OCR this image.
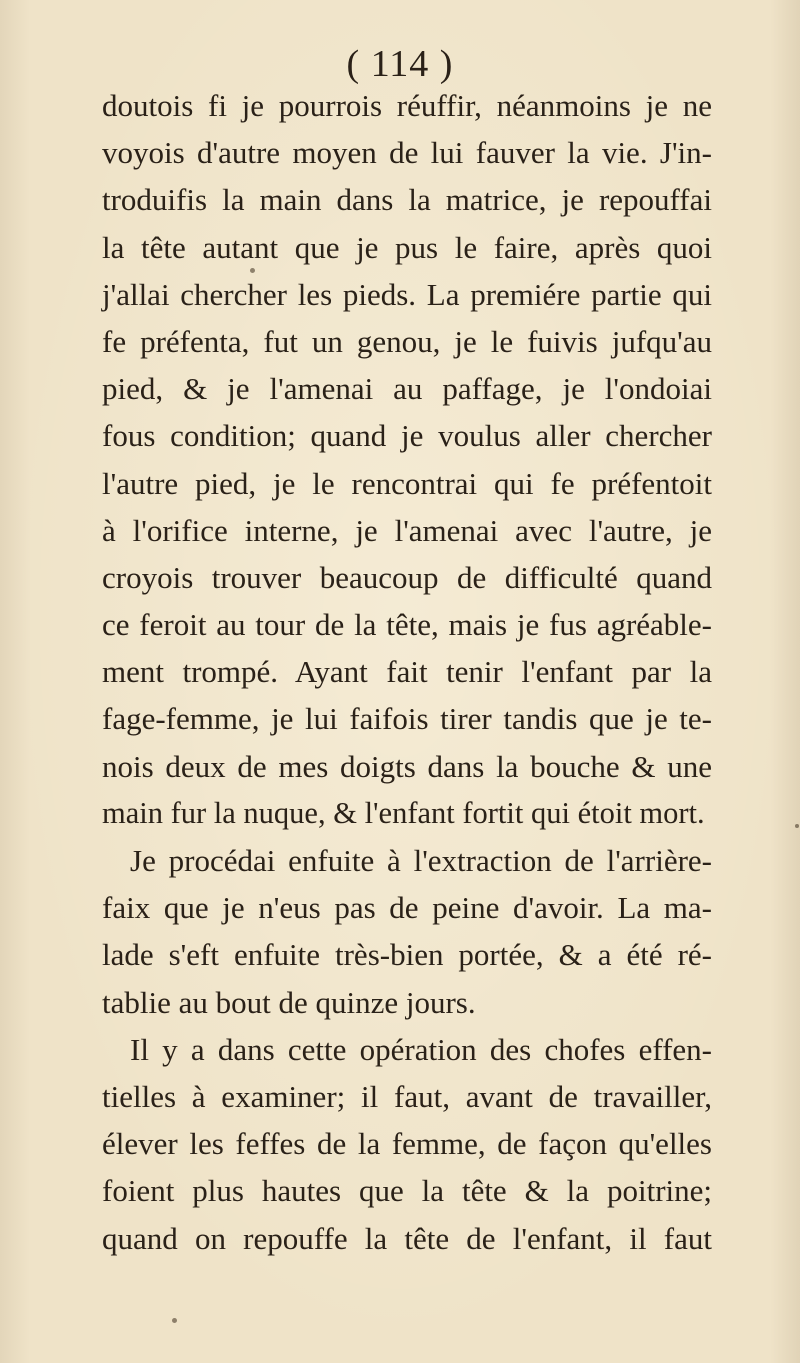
( 114 )
doutois fi je pourrois réuffir, néanmoins je ne
voyois d'autre moyen de lui fauver la vie. J'in-
troduifis la main dans la matrice, je repouffai
la tête autant que je pus le faire, après quoi
j'allai chercher les pieds. La premiére partie qui
fe préfenta, fut un genou, je le fuivis jufqu'au
pied, & je l'amenai au paffage, je l'ondoiai
fous condition; quand je voulus aller chercher
l'autre pied, je le rencontrai qui fe préfentoit
à l'orifice interne, je l'amenai avec l'autre, je
croyois trouver beaucoup de difficulté quand
ce feroit au tour de la tête, mais je fus agréable-
ment trompé. Ayant fait tenir l'enfant par la
fage-femme, je lui faifois tirer tandis que je te-
nois deux de mes doigts dans la bouche & une
main fur la nuque, & l'enfant fortit qui étoit mort.
Je procédai enfuite à l'extraction de l'arrière-
faix que je n'eus pas de peine d'avoir. La ma-
lade s'eft enfuite très-bien portée, & a été ré-
tablie au bout de quinze jours.
Il y a dans cette opération des chofes effen-
tielles à examiner; il faut, avant de travailler,
élever les feffes de la femme, de façon qu'elles
foient plus hautes que la tête & la poitrine;
quand on repouffe la tête de l'enfant, il faut
